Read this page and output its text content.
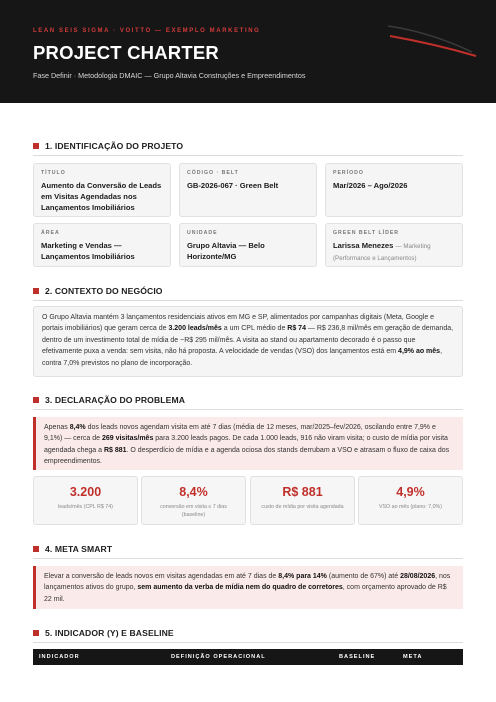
LEAN SEIS SIGMA · VOITTO — EXEMPLO MARKETING
PROJECT CHARTER
Fase Definir · Metodologia DMAIC — Grupo Altavia Construções e Empreendimentos
1. IDENTIFICAÇÃO DO PROJETO
TÍTULO
Aumento da Conversão de Leads em Visitas Agendadas nos Lançamentos Imobiliários
CÓDIGO · BELT
GB-2026-067 · Green Belt
PERÍODO
Mar/2026 – Ago/2026
ÁREA
Marketing e Vendas — Lançamentos Imobiliários
UNIDADE
Grupo Altavia — Belo Horizonte/MG
GREEN BELT LÍDER
Larissa Menezes — Marketing (Performance e Lançamentos)
2. CONTEXTO DO NEGÓCIO
O Grupo Altavia mantém 3 lançamentos residenciais ativos em MG e SP, alimentados por campanhas digitais (Meta, Google e portais imobiliários) que geram cerca de 3.200 leads/mês a um CPL médio de R$ 74 — R$ 236,8 mil/mês em geração de demanda, dentro de um investimento total de mídia de ~R$ 295 mil/mês. A visita ao stand ou apartamento decorado é o passo que efetivamente puxa a venda: sem visita, não há proposta. A velocidade de vendas (VSO) dos lançamentos está em 4,9% ao mês, contra 7,0% previstos no plano de incorporação.
3. DECLARAÇÃO DO PROBLEMA
Apenas 8,4% dos leads novos agendam visita em até 7 dias (média de 12 meses, mar/2025–fev/2026, oscilando entre 7,9% e 9,1%) — cerca de 269 visitas/mês para 3.200 leads pagos. De cada 1.000 leads, 916 não viram visita; o custo de mídia por visita agendada chega a R$ 881. O desperdício de mídia e a agenda ociosa dos stands derrubam a VSO e atrasam o fluxo de caixa dos empreendimentos.
3.200
leads/mês (CPL R$ 74)
8,4%
conversão em visita ≤ 7 dias (baseline)
R$ 881
custo de mídia por visita agendada
4,9%
VSO ao mês (plano: 7,0%)
4. META SMART
Elevar a conversão de leads novos em visitas agendadas em até 7 dias de 8,4% para 14% (aumento de 67%) até 28/08/2026, nos lançamentos ativos do grupo, sem aumento da verba de mídia nem do quadro de corretores, com orçamento aprovado de R$ 22 mil.
5. INDICADOR (Y) E BASELINE
INDICADOR	DEFINIÇÃO OPERACIONAL	BASELINE	META
